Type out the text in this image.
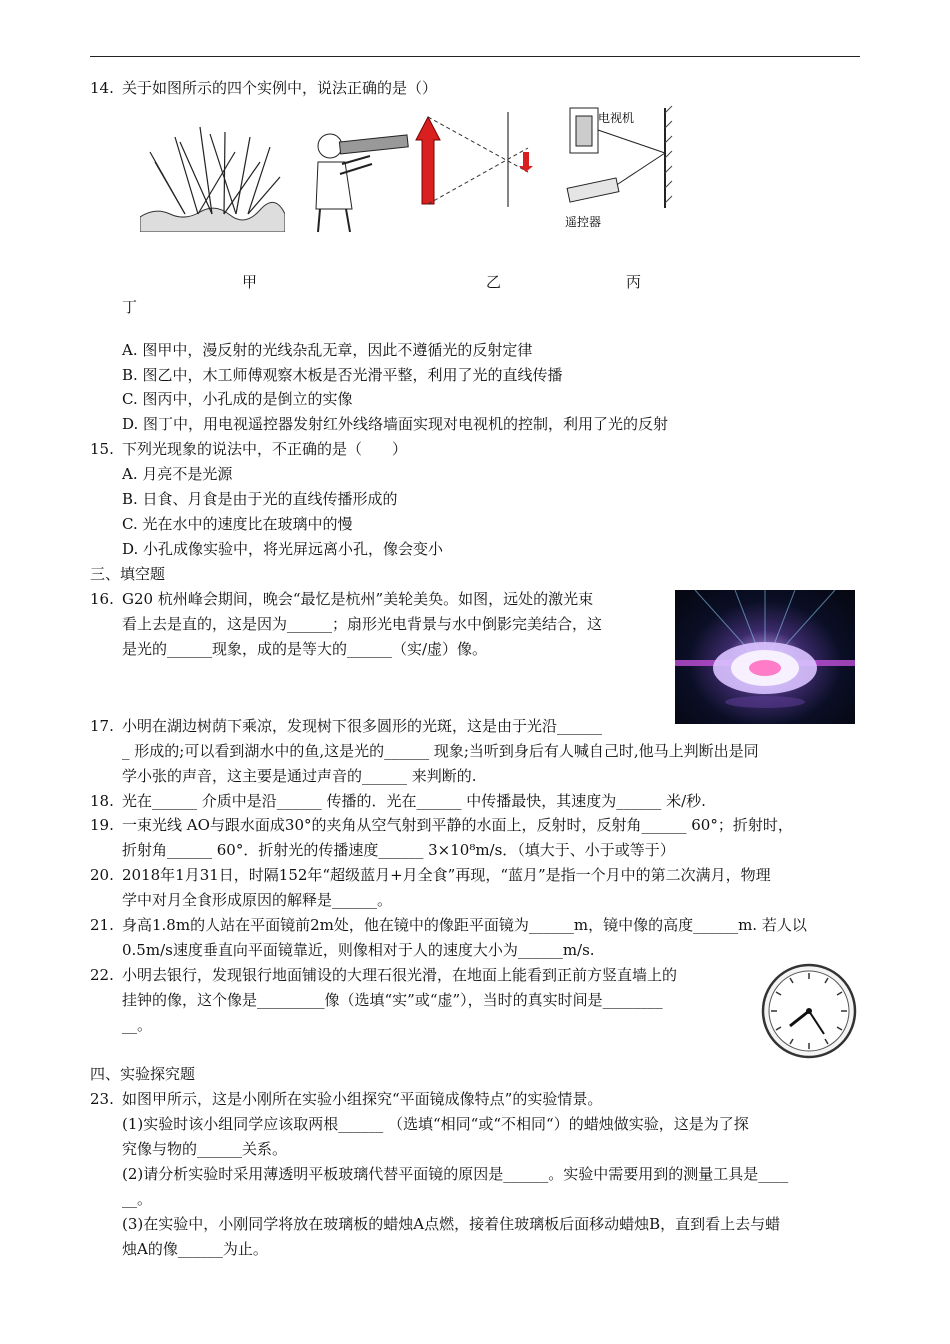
14. 关于如图所示的四个实例中，说法正确的是（）
电视机
遥控器
甲	乙	丙
丁
A. 图甲中，漫反射的光线杂乱无章，因此不遵循光的反射定律
B. 图乙中，木工师傅观察木板是否光滑平整，利用了光的直线传播
C. 图丙中，小孔成的是倒立的实像
D. 图丁中，用电视遥控器发射红外线络墙面实现对电视机的控制，利用了光的反射
15. 下列光现象的说法中，不正确的是（　　）
A. 月亮不是光源
B. 日食、月食是由于光的直线传播形成的
C. 光在水中的速度比在玻璃中的慢
D. 小孔成像实验中，将光屏远离小孔，像会变小
三、填空题
16. G20 杭州峰会期间，晚会“最忆是杭州”美轮美奂。如图，远处的激光束
看上去是直的，这是因为______；扇形光电背景与水中倒影完美结合，这
是光的______现象，成的是等大的______（实/虚）像。
17. 小明在湖边树荫下乘凉，发现树下很多圆形的光斑，这是由于光沿______
_ 形成的;可以看到湖水中的鱼,这是光的______ 现象;当听到身后有人喊自己时,他马上判断出是同
学小张的声音，这主要是通过声音的______ 来判断的.
18. 光在______ 介质中是沿______ 传播的．光在______ 中传播最快，其速度为______ 米/秒.
19. 一束光线 AO与跟水面成30°的夹角从空气射到平静的水面上，反射时，反射角______ 60°；折射时，
折射角______ 60°．折射光的传播速度______ 3×10⁸m/s．（填大于、小于或等于）
20. 2018年1月31日，时隔152年“超级蓝月+月全食”再现，“蓝月”是指一个月中的第二次满月，物理
学中对月全食形成原因的解释是______。
21. 身高1.8m的人站在平面镜前2m处，他在镜中的像距平面镜为______m，镜中像的高度______m. 若人以
0.5m/s速度垂直向平面镜靠近，则像相对于人的速度大小为______m/s.
22. 小明去银行，发现银行地面铺设的大理石很光滑，在地面上能看到正前方竖直墙上的
挂钟的像，这个像是_________像（选填“实”或“虚”），当时的真实时间是________
__。
四、实验探究题
23. 如图甲所示，这是小刚所在实验小组探究“平面镜成像特点”的实验情景。
(1)实验时该小组同学应该取两根______ （选填“相同“或“不相同“）的蜡烛做实验，这是为了探
究像与物的______关系。
(2)请分析实验时采用薄透明平板玻璃代替平面镜的原因是______。实验中需要用到的测量工具是____
__。
(3)在实验中，小刚同学将放在玻璃板的蜡烛A点燃，接着住玻璃板后面移动蜡烛B，直到看上去与蜡
烛A的像______为止。
